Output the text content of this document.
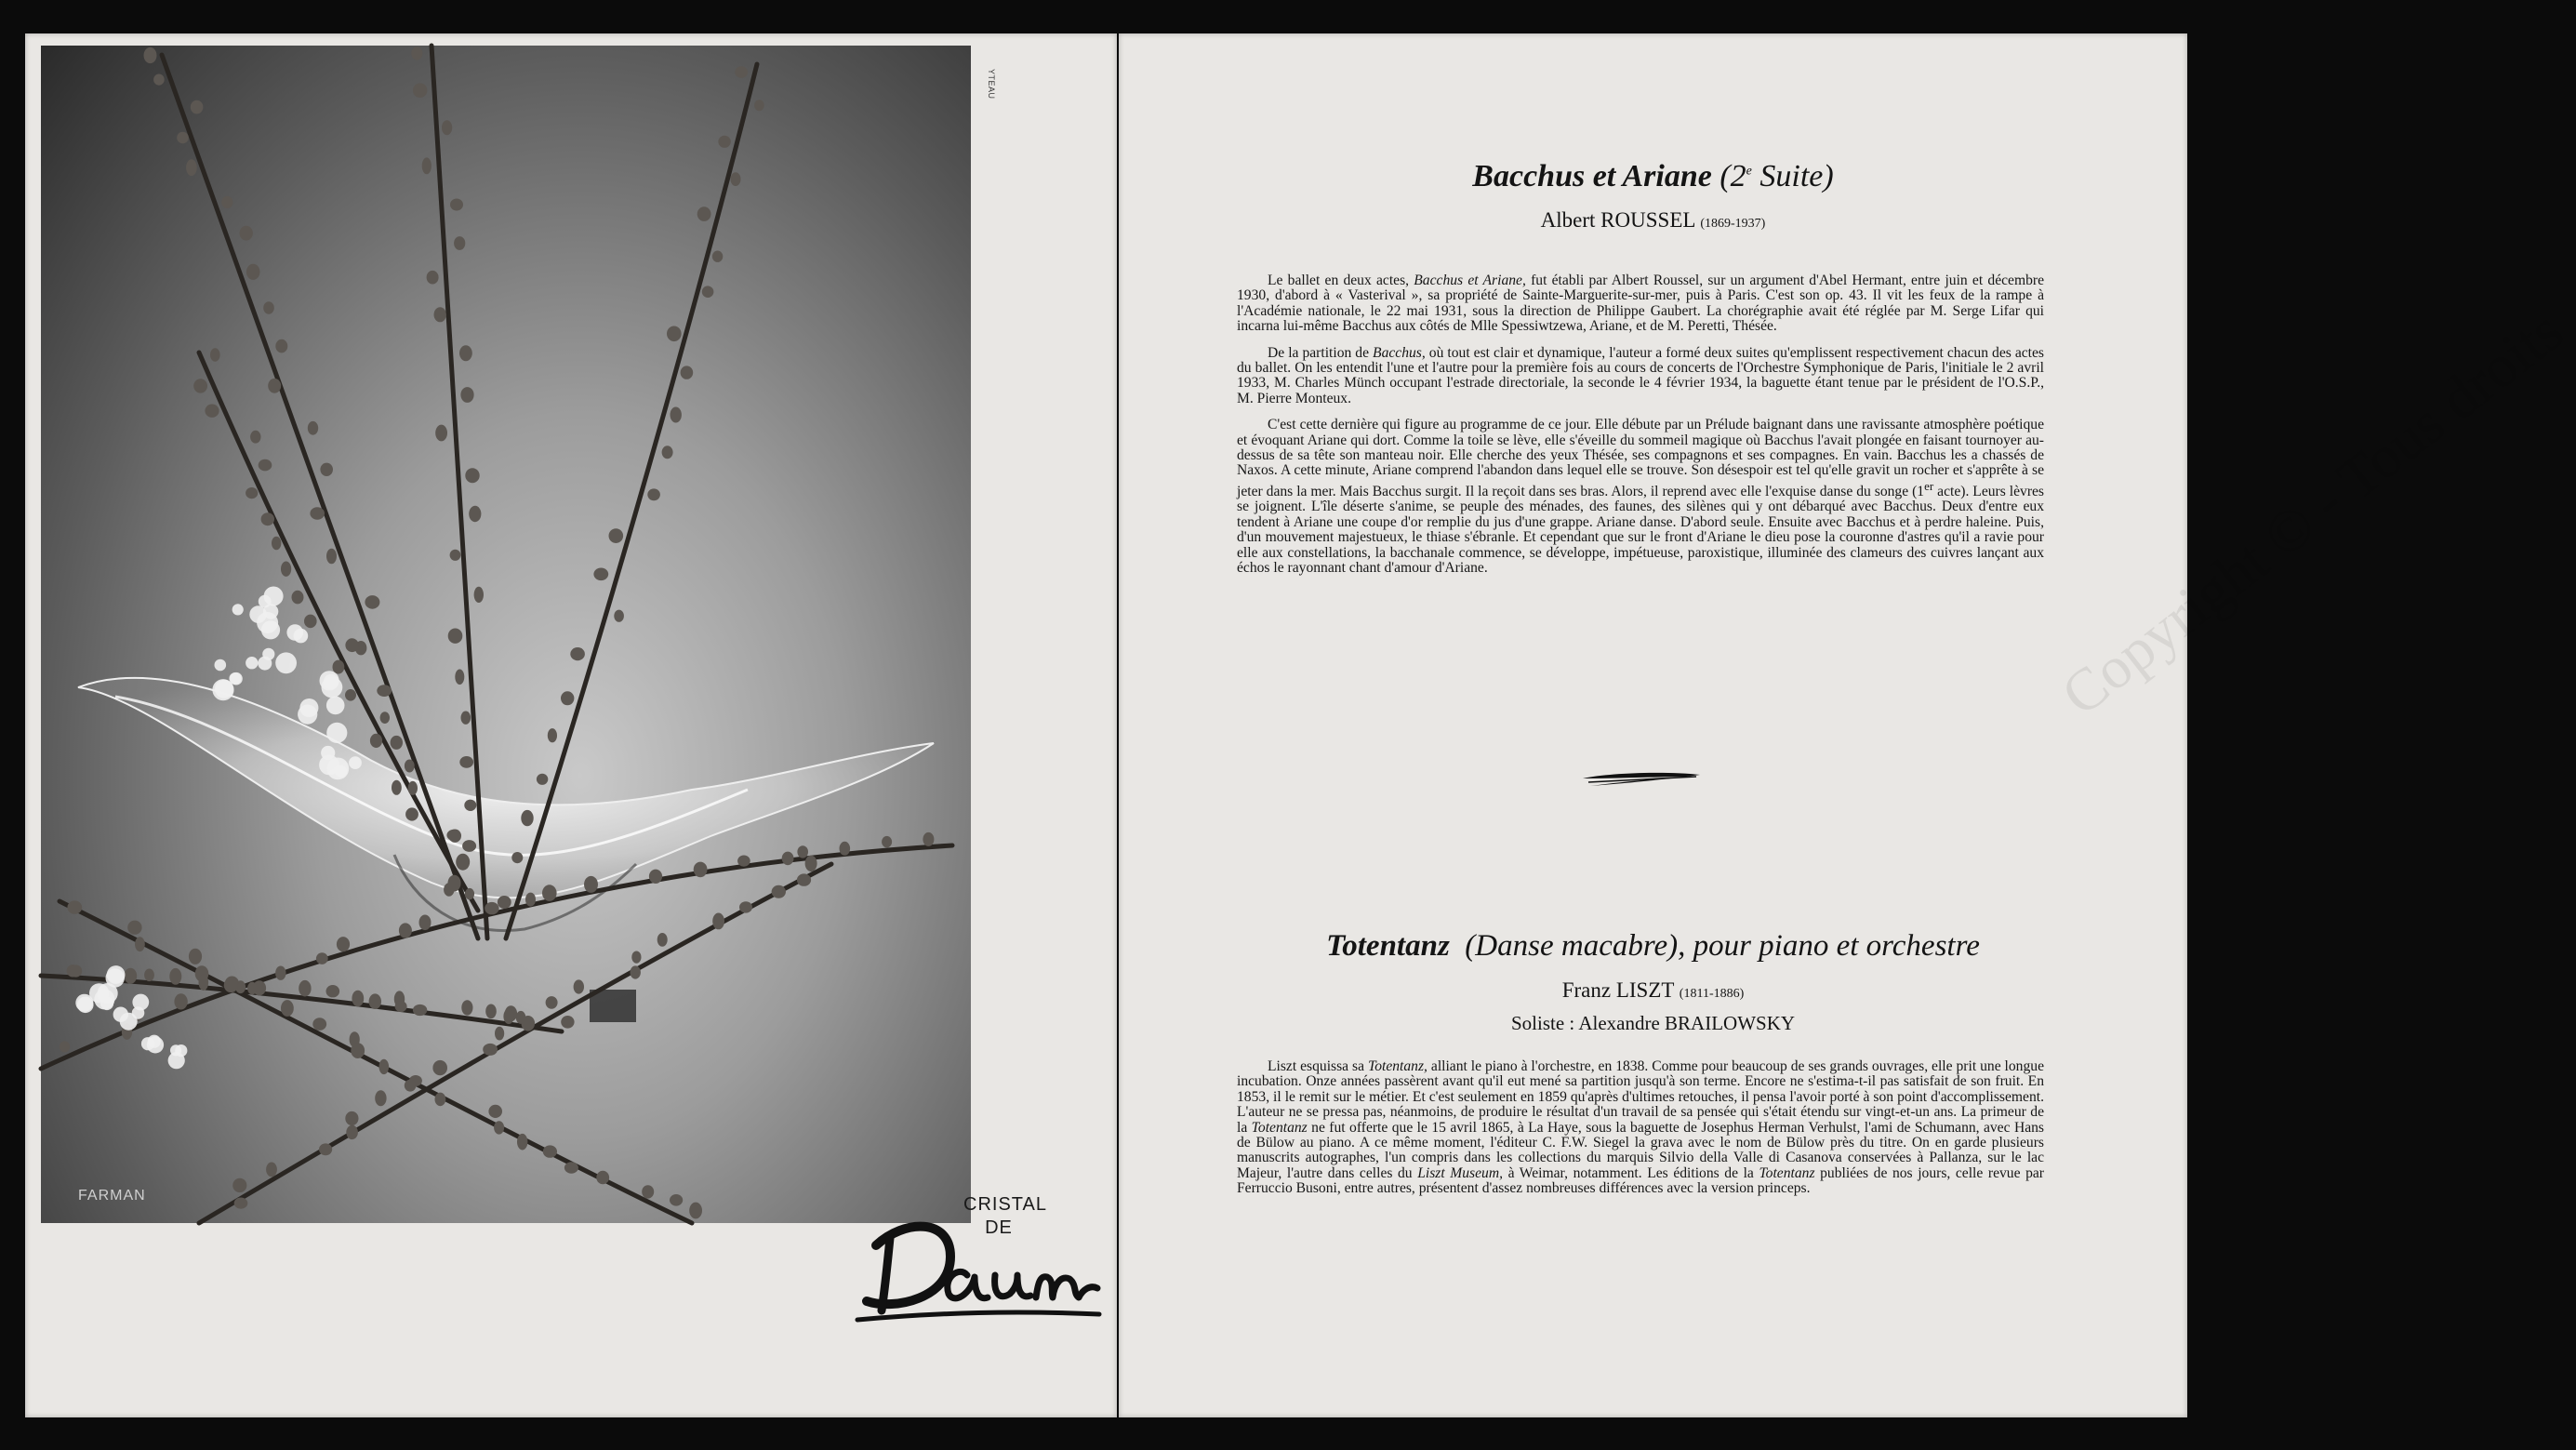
FARMAN
YTEAU
CRISTAL
DE
Copyright © - Tous droits
Bacchus et Ariane (2e Suite)
Albert ROUSSEL (1869-1937)

Le ballet en deux actes, Bacchus et Ariane, fut établi par Albert Roussel, sur un argument d'Abel Hermant, entre juin et décembre 1930, d'abord à « Vasterival », sa propriété de Sainte-Marguerite-sur-mer, puis à Paris. C'est son op. 43. Il vit les feux de la rampe à l'Académie nationale, le 22 mai 1931, sous la direction de Philippe Gaubert. La chorégraphie avait été réglée par M. Serge Lifar qui incarna lui-même Bacchus aux côtés de Mlle Spessiwtzewa, Ariane, et de M. Peretti, Thésée.

De la partition de Bacchus, où tout est clair et dynamique, l'auteur a formé deux suites qu'emplissent respectivement chacun des actes du ballet. On les entendit l'une et l'autre pour la première fois au cours de concerts de l'Orchestre Symphonique de Paris, l'initiale le 2 avril 1933, M. Charles Münch occupant l'estrade directoriale, la seconde le 4 février 1934, la baguette étant tenue par le président de l'O.S.P., M. Pierre Monteux.

C'est cette dernière qui figure au programme de ce jour. Elle débute par un Prélude baignant dans une ravissante atmosphère poétique et évoquant Ariane qui dort. Comme la toile se lève, elle s'éveille du sommeil magique où Bacchus l'avait plongée en faisant tournoyer au-dessus de sa tête son manteau noir. Elle cherche des yeux Thésée, ses compagnons et ses compagnes. En vain. Bacchus les a chassés de Naxos. A cette minute, Ariane comprend l'abandon dans lequel elle se trouve. Son désespoir est tel qu'elle gravit un rocher et s'apprête à se jeter dans la mer. Mais Bacchus surgit. Il la reçoit dans ses bras. Alors, il reprend avec elle l'exquise danse du songe (1er acte). Leurs lèvres se joignent. L'île déserte s'anime, se peuple des ménades, des faunes, des silènes qui y ont débarqué avec Bacchus. Deux d'entre eux tendent à Ariane une coupe d'or remplie du jus d'une grappe. Ariane danse. D'abord seule. Ensuite avec Bacchus et à perdre haleine. Puis, d'un mouvement majestueux, le thiase s'ébranle. Et cependant que sur le front d'Ariane le dieu pose la couronne d'astres qu'il a ravie pour elle aux constellations, la bacchanale commence, se développe, impétueuse, paroxistique, illuminée des clameurs des cuivres lançant aux échos le rayonnant chant d'amour d'Ariane.

Totentanz  (Danse macabre), pour piano et orchestre
Franz LISZT (1811-1886)
Soliste : Alexandre BRAILOWSKY

Liszt esquissa sa Totentanz, alliant le piano à l'orchestre, en 1838. Comme pour beaucoup de ses grands ouvrages, elle prit une longue incubation. Onze années passèrent avant qu'il eut mené sa partition jusqu'à son terme. Encore ne s'estima-t-il pas satisfait de son fruit. En 1853, il le remit sur le métier. Et c'est seulement en 1859 qu'après d'ultimes retouches, il pensa l'avoir porté à son point d'accomplissement. L'auteur ne se pressa pas, néanmoins, de produire le résultat d'un travail de sa pensée qui s'était étendu sur vingt-et-un ans. La primeur de la Totentanz ne fut offerte que le 15 avril 1865, à La Haye, sous la baguette de Josephus Herman Verhulst, l'ami de Schumann, avec Hans de Bülow au piano. A ce même moment, l'éditeur C. F.W. Siegel la grava avec le nom de Bülow près du titre. On en garde plusieurs manuscrits autographes, l'un compris dans les collections du marquis Silvio della Valle di Casanova conservées à Pallanza, sur le lac Majeur, l'autre dans celles du Liszt Museum, à Weimar, notamment. Les éditions de la Totentanz publiées de nos jours, celle revue par Ferruccio Busoni, entre autres, présentent d'assez nombreuses différences avec la version princeps.
